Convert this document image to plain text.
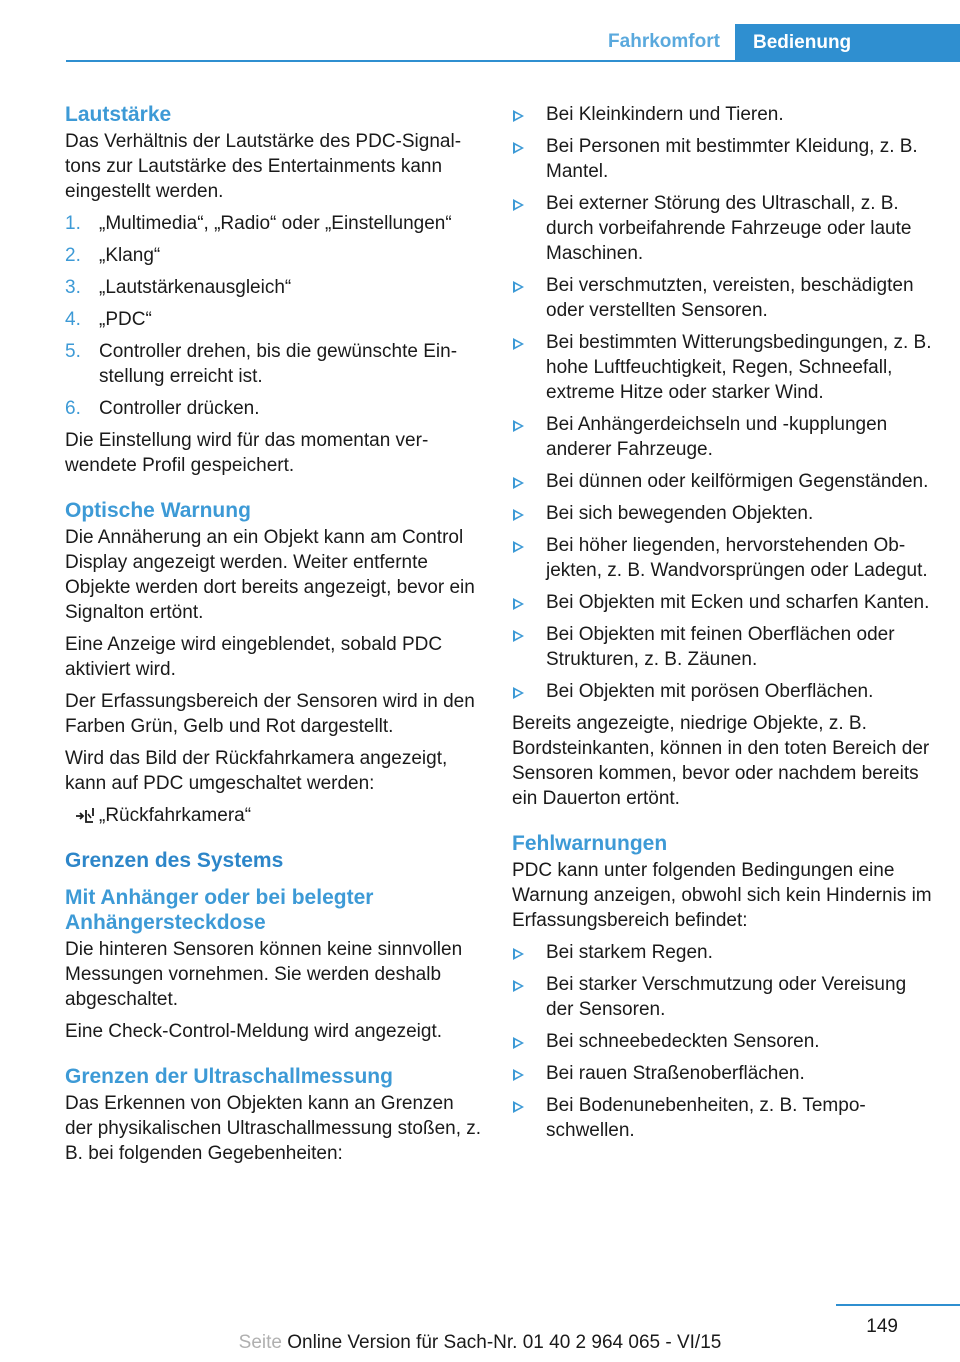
Fahrkomfort	Bedienung
Lautstärke

Das Verhältnis der Lautstärke des PDC-Signaltons zur Lautstärke des Entertainments kann eingestellt werden.

1. „Multimedia“, „Radio“ oder „Einstellungen“
2. „Klang“
3. „Lautstärkenausgleich“
4. „PDC“
5. Controller drehen, bis die gewünschte Einstellung erreicht ist.
6. Controller drücken.

Die Einstellung wird für das momentan verwendete Profil gespeichert.

Optische Warnung

Die Annäherung an ein Objekt kann am Control Display angezeigt werden. Weiter entfernte Objekte werden dort bereits angezeigt, bevor ein Signalton ertönt.

Eine Anzeige wird eingeblendet, sobald PDC aktiviert wird.

Der Erfassungsbereich der Sensoren wird in den Farben Grün, Gelb und Rot dargestellt.

Wird das Bild der Rückfahrkamera angezeigt, kann auf PDC umgeschaltet werden:

„Rückfahrkamera“
Grenzen des Systems
Mit Anhänger oder bei belegter Anhängersteckdose

Die hinteren Sensoren können keine sinnvollen Messungen vornehmen. Sie werden deshalb abgeschaltet.

Eine Check-Control-Meldung wird angezeigt.

Grenzen der Ultraschallmessung

Das Erkennen von Objekten kann an Grenzen der physikalischen Ultraschallmessung stoßen, z. B. bei folgenden Gegebenheiten:

Bei Kleinkindern und Tieren.
Bei Personen mit bestimmter Kleidung, z. B. Mantel.
Bei externer Störung des Ultraschall, z. B. durch vorbeifahrende Fahrzeuge oder laute Maschinen.
Bei verschmutzten, vereisten, beschädigten oder verstellten Sensoren.
Bei bestimmten Witterungsbedingungen, z. B. hohe Luftfeuchtigkeit, Regen, Schneefall, extreme Hitze oder starker Wind.
Bei Anhängerdeichseln und -kupplungen anderer Fahrzeuge.
Bei dünnen oder keilförmigen Gegenständen.
Bei sich bewegenden Objekten.
Bei höher liegenden, hervorstehenden Objekten, z. B. Wandvorsprüngen oder Ladegut.
Bei Objekten mit Ecken und scharfen Kanten.
Bei Objekten mit feinen Oberflächen oder Strukturen, z. B. Zäunen.
Bei Objekten mit porösen Oberflächen.

Bereits angezeigte, niedrige Objekte, z. B. Bordsteinkanten, können in den toten Bereich der Sensoren kommen, bevor oder nachdem bereits ein Dauerton ertönt.

Fehlwarnungen

PDC kann unter folgenden Bedingungen eine Warnung anzeigen, obwohl sich kein Hindernis im Erfassungsbereich befindet:

Bei starkem Regen.
Bei starker Verschmutzung oder Vereisung der Sensoren.
Bei schneebedeckten Sensoren.
Bei rauen Straßenoberflächen.
Bei Bodenunebenheiten, z. B. Temposchwellen.
149
Seite Online Version für Sach-Nr. 01 40 2 964 065 - VI/15
